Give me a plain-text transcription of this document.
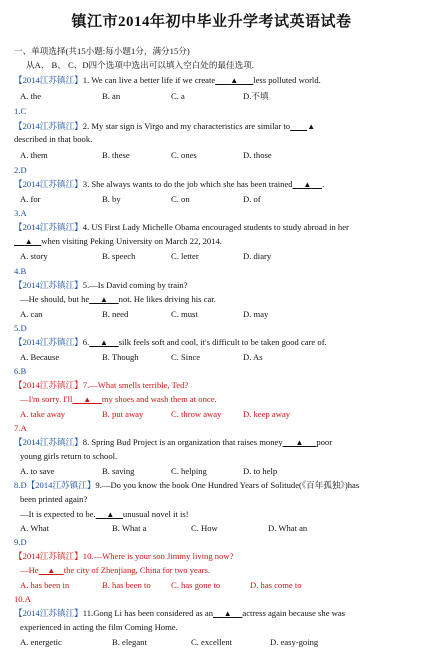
镇江市2014年初中毕业升学考试英语试卷
一、单项选择(共15小题:每小题1分，满分15分)
从A、 B、 C、D四个选项中选出可以填入空白处的最佳选项.
【2014江苏镇江】1. We can live a better life if we create ▲ less polluted world.
A. the	B. an	C. a	D.不填
1.C
【2014江苏镇江】2. My star sign is Virgo and my characteristics are similar to ▲
described in that book.
A. them	B. these	C. ones	D. those
2.D
【2014江苏镇江】3. She always wants to do the job which she has been trained ▲ .
A. for	B. by	C. on	D. of
3.A
【2014江苏镇江】4. US First Lady Michelle Obama encouraged students to study abroad in her
▲ when visiting Peking University on March 22, 2014.
A. story	B. speech	C. letter	D. diary
4.B
【2014江苏镇江】5.—Is David coming by train?
—He should, but he ▲ not. He likes driving his car.
A. can	B. need	C. must	D. may
5.D
【2014江苏镇江】6. ▲ silk feels soft and cool, it's difficult to be taken good care of.
A. Because	B. Though	C. Since	D. As
6.B
【2014江苏镇江】7.—What smells terrible, Ted?
—I'm sorry. I'll ▲ my shoes and wash them at once.
A. take away	B. put away	C. throw away	D. keep away
7.A
【2014江苏镇江】8. Spring Bud Project is an organization that raises money ▲ poor
young girls return to school.
A. to save	B. saving	C. helping	D. to help
8.D【2014江苏镇江】9.—Do you know the book One Hundred Years of Solitude(《百年孤独》)has
been printed again?
—It is expected to be. ▲ unusual novel it is!
A. What	B. What a	C. How	D. What an
9.D
【2014江苏镇江】10.—Where is your son Jimmy living now?
—He ▲ the city of Zhenjiang, China for two years.
A. has been in	B. has been to C. has gone to	D. has come to
10.A
【2014江苏镇江】11.Gong Li has been considered as an ▲ actress again because she was
experienced in acting the film Coming Home.
A. energetic	B. elegant	C. excellent	D. easy-going
